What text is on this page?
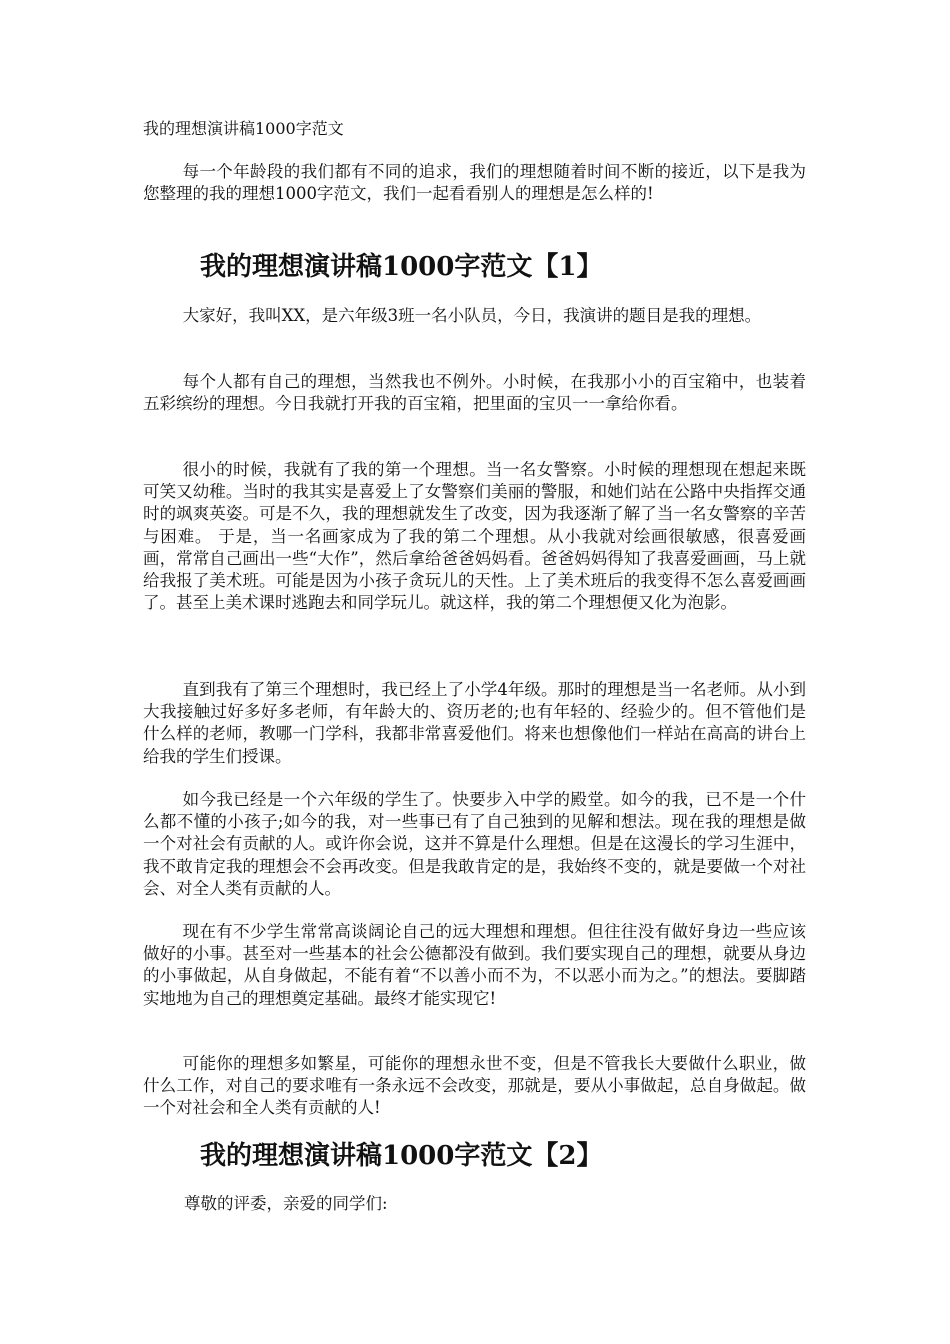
我的理想演讲稿1000字范文

每一个年龄段的我们都有不同的追求，我们的理想随着时间不断的接近，以下是我为您整理的我的理想1000字范文，我们一起看看别人的理想是怎么样的!

我的理想演讲稿1000字范文【1】

大家好，我叫XX，是六年级3班一名小队员，今日，我演讲的题目是我的理想。

每个人都有自己的理想，当然我也不例外。小时候，在我那小小的百宝箱中，也装着五彩缤纷的理想。今日我就打开我的百宝箱，把里面的宝贝一一拿给你看。

很小的时候，我就有了我的第一个理想。当一名女警察。小时候的理想现在想起来既可笑又幼稚。当时的我其实是喜爱上了女警察们美丽的警服，和她们站在公路中央指挥交通时的飒爽英姿。可是不久，我的理想就发生了改变，因为我逐渐了解了当一名女警察的辛苦与困难。 于是，当一名画家成为了我的第二个理想。从小我就对绘画很敏感，很喜爱画画，常常自己画出一些“大作”，然后拿给爸爸妈妈看。爸爸妈妈得知了我喜爱画画，马上就给我报了美术班。可能是因为小孩子贪玩儿的天性。上了美术班后的我变得不怎么喜爱画画了。甚至上美术课时逃跑去和同学玩儿。就这样，我的第二个理想便又化为泡影。

直到我有了第三个理想时，我已经上了小学4年级。那时的理想是当一名老师。从小到大我接触过好多好多老师，有年龄大的、资历老的;也有年轻的、经验少的。但不管他们是什么样的老师，教哪一门学科，我都非常喜爱他们。将来也想像他们一样站在高高的讲台上给我的学生们授课。

如今我已经是一个六年级的学生了。快要步入中学的殿堂。如今的我，已不是一个什么都不懂的小孩子;如今的我，对一些事已有了自己独到的见解和想法。现在我的理想是做一个对社会有贡献的人。或许你会说，这并不算是什么理想。但是在这漫长的学习生涯中，我不敢肯定我的理想会不会再改变。但是我敢肯定的是，我始终不变的，就是要做一个对社会、对全人类有贡献的人。

现在有不少学生常常高谈阔论自己的远大理想和理想。但往往没有做好身边一些应该做好的小事。甚至对一些基本的社会公德都没有做到。我们要实现自己的理想，就要从身边的小事做起，从自身做起，不能有着“不以善小而不为，不以恶小而为之。”的想法。要脚踏实地地为自己的理想奠定基础。最终才能实现它!

可能你的理想多如繁星，可能你的理想永世不变，但是不管我长大要做什么职业，做什么工作，对自己的要求唯有一条永远不会改变，那就是，要从小事做起，总自身做起。做一个对社会和全人类有贡献的人!

我的理想演讲稿1000字范文【2】

尊敬的评委，亲爱的同学们:
